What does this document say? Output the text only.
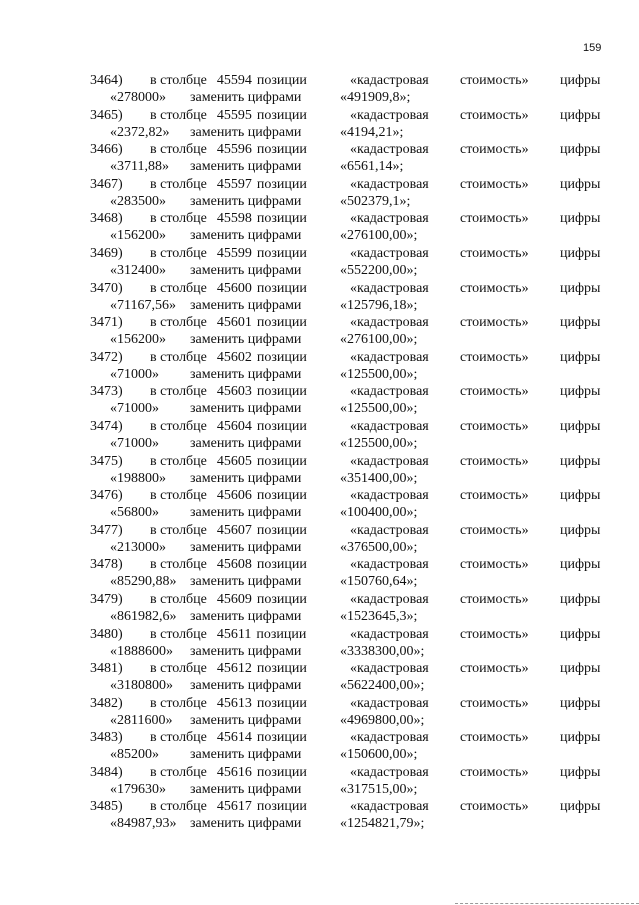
159
3464) в столбце 45594 позиции	«кадастровая стоимость» цифры
«278000» заменить цифрами	«491909,8»;
3465) в столбце 45595 позиции	«кадастровая стоимость» цифры
«2372,82» заменить цифрами	«4194,21»;
3466) в столбце 45596 позиции	«кадастровая стоимость» цифры
«3711,88» заменить цифрами	«6561,14»;
3467) в столбце 45597 позиции	«кадастровая стоимость» цифры
«283500» заменить цифрами	«502379,1»;
3468) в столбце 45598 позиции	«кадастровая стоимость» цифры
«156200» заменить цифрами	«276100,00»;
3469) в столбце 45599 позиции	«кадастровая стоимость» цифры
«312400» заменить цифрами	«552200,00»;
3470) в столбце 45600 позиции	«кадастровая стоимость» цифры
«71167,56» заменить цифрами	«125796,18»;
3471) в столбце 45601 позиции	«кадастровая стоимость» цифры
«156200» заменить цифрами	«276100,00»;
3472) в столбце 45602 позиции	«кадастровая стоимость» цифры
«71000» заменить цифрами	«125500,00»;
3473) в столбце 45603 позиции	«кадастровая стоимость» цифры
«71000» заменить цифрами	«125500,00»;
3474) в столбце 45604 позиции	«кадастровая стоимость» цифры
«71000» заменить цифрами	«125500,00»;
3475) в столбце 45605 позиции	«кадастровая стоимость» цифры
«198800» заменить цифрами	«351400,00»;
3476) в столбце 45606 позиции	«кадастровая стоимость» цифры
«56800» заменить цифрами	«100400,00»;
3477) в столбце 45607 позиции	«кадастровая стоимость» цифры
«213000» заменить цифрами	«376500,00»;
3478) в столбце 45608 позиции	«кадастровая стоимость» цифры
«85290,88» заменить цифрами	«150760,64»;
3479) в столбце 45609 позиции	«кадастровая стоимость» цифры
«861982,6» заменить цифрами	«1523645,3»;
3480) в столбце 45611 позиции	«кадастровая стоимость» цифры
«1888600» заменить цифрами	«3338300,00»;
3481) в столбце 45612 позиции	«кадастровая стоимость» цифры
«3180800» заменить цифрами	«5622400,00»;
3482) в столбце 45613 позиции	«кадастровая стоимость» цифры
«2811600» заменить цифрами	«4969800,00»;
3483) в столбце 45614 позиции	«кадастровая стоимость» цифры
«85200» заменить цифрами	«150600,00»;
3484) в столбце 45616 позиции	«кадастровая стоимость» цифры
«179630» заменить цифрами	«317515,00»;
3485) в столбце 45617 позиции	«кадастровая стоимость» цифры
«84987,93» заменить цифрами	«1254821,79»;
